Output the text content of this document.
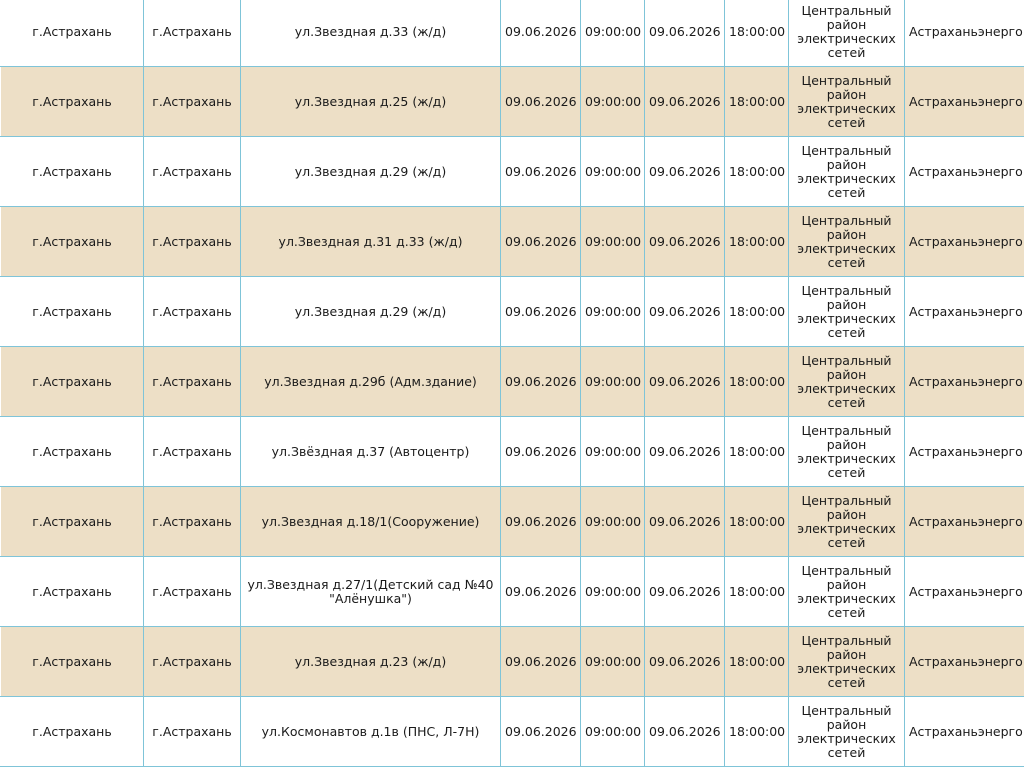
г.Астрахань	г.Астрахань	ул.Звездная д.33 (ж/д)	09.06.2026	09:00:00	09.06.2026	18:00:00	Центральный район электрических сетей	Астраханьэнерго
г.Астрахань	г.Астрахань	ул.Звездная д.25 (ж/д)	09.06.2026	09:00:00	09.06.2026	18:00:00	Центральный район электрических сетей	Астраханьэнерго
г.Астрахань	г.Астрахань	ул.Звездная д.29 (ж/д)	09.06.2026	09:00:00	09.06.2026	18:00:00	Центральный район электрических сетей	Астраханьэнерго
г.Астрахань	г.Астрахань	ул.Звездная д.31 д.33 (ж/д)	09.06.2026	09:00:00	09.06.2026	18:00:00	Центральный район электрических сетей	Астраханьэнерго
г.Астрахань	г.Астрахань	ул.Звездная д.29 (ж/д)	09.06.2026	09:00:00	09.06.2026	18:00:00	Центральный район электрических сетей	Астраханьэнерго
г.Астрахань	г.Астрахань	ул.Звездная д.29б (Адм.здание)	09.06.2026	09:00:00	09.06.2026	18:00:00	Центральный район электрических сетей	Астраханьэнерго
г.Астрахань	г.Астрахань	ул.Звёздная д.37 (Автоцентр)	09.06.2026	09:00:00	09.06.2026	18:00:00	Центральный район электрических сетей	Астраханьэнерго
г.Астрахань	г.Астрахань	ул.Звездная д.18/1(Сооружение)	09.06.2026	09:00:00	09.06.2026	18:00:00	Центральный район электрических сетей	Астраханьэнерго
г.Астрахань	г.Астрахань	ул.Звездная д.27/1(Детский сад №40 "Алёнушка")	09.06.2026	09:00:00	09.06.2026	18:00:00	Центральный район электрических сетей	Астраханьэнерго
г.Астрахань	г.Астрахань	ул.Звездная д.23 (ж/д)	09.06.2026	09:00:00	09.06.2026	18:00:00	Центральный район электрических сетей	Астраханьэнерго
г.Астрахань	г.Астрахань	ул.Космонавтов д.1в (ПНС, Л-7Н)	09.06.2026	09:00:00	09.06.2026	18:00:00	Центральный район электрических сетей	Астраханьэнерго
